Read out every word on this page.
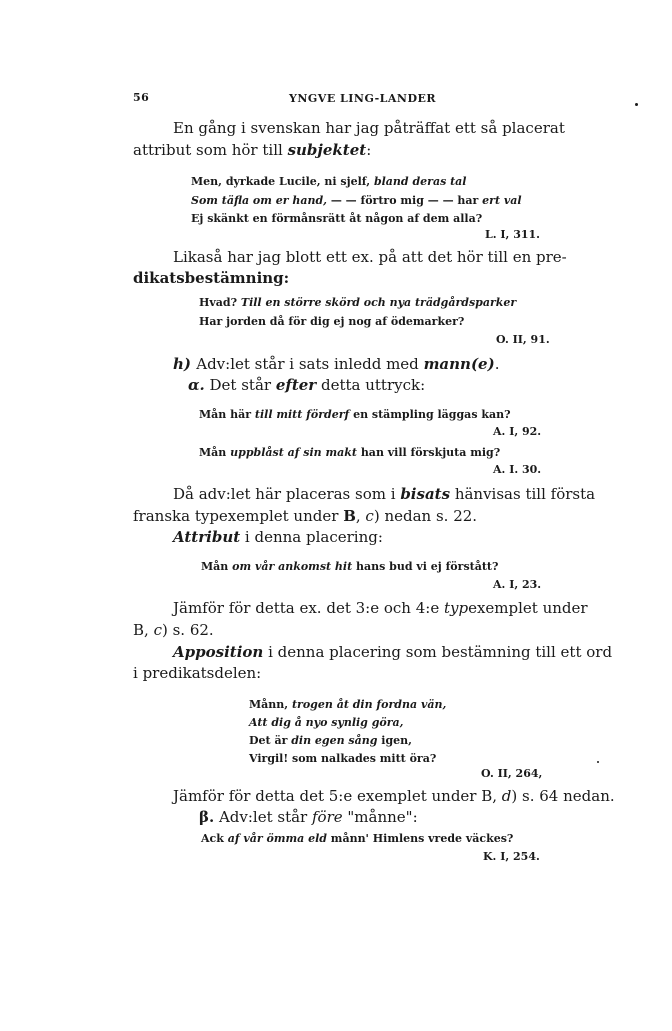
56	YNGVE LING-LANDER
En gång i svenskan har jag påträffat ett så placerat
attribut som hör till subjektet:
Men, dyrkade Lucile, ni sjelf, bland deras tal
Som täfla om er hand, — — förtro mig — — har ert val
Ej skänkt en förmånsrätt åt någon af dem alla?
L. I, 311.
Likaså har jag blott ett ex. på att det hör till en pre-
dikatsbestämning:
Hvad? Till en större skörd och nya trädgårdsparker
Har jorden då för dig ej nog af ödemarker?
O. II, 91.
h) Adv:let står i sats inledd med mann(e).
α. Det står efter detta uttryck:
Mån här till mitt förderf en stämpling läggas kan?
A. I, 92.
Mån uppblåst af sin makt han vill förskjuta mig?
A. I. 30.
Då adv:let här placeras som i bisats hänvisas till första
franska typexemplet under B, c) nedan s. 22.
Attribut i denna placering:
Mån om vår ankomst hit hans bud vi ej förstått?
A. I, 23.
Jämför för detta ex. det 3:e och 4:e typexemplet under
B, c) s. 62.
Apposition i denna placering som bestämning till ett ord
i predikatsdelen:
Månn, trogen åt din fordna vän,
Att dig å nyo synlig göra,
Det är din egen sång igen,
Virgil! som nalkades mitt öra?
O. II, 264,
Jämför för detta det 5:e exemplet under B, d) s. 64 nedan.
β. Adv:let står före "månne":
Ack af vår ömma eld månn' Himlens vrede väckes?
K. I, 254.
